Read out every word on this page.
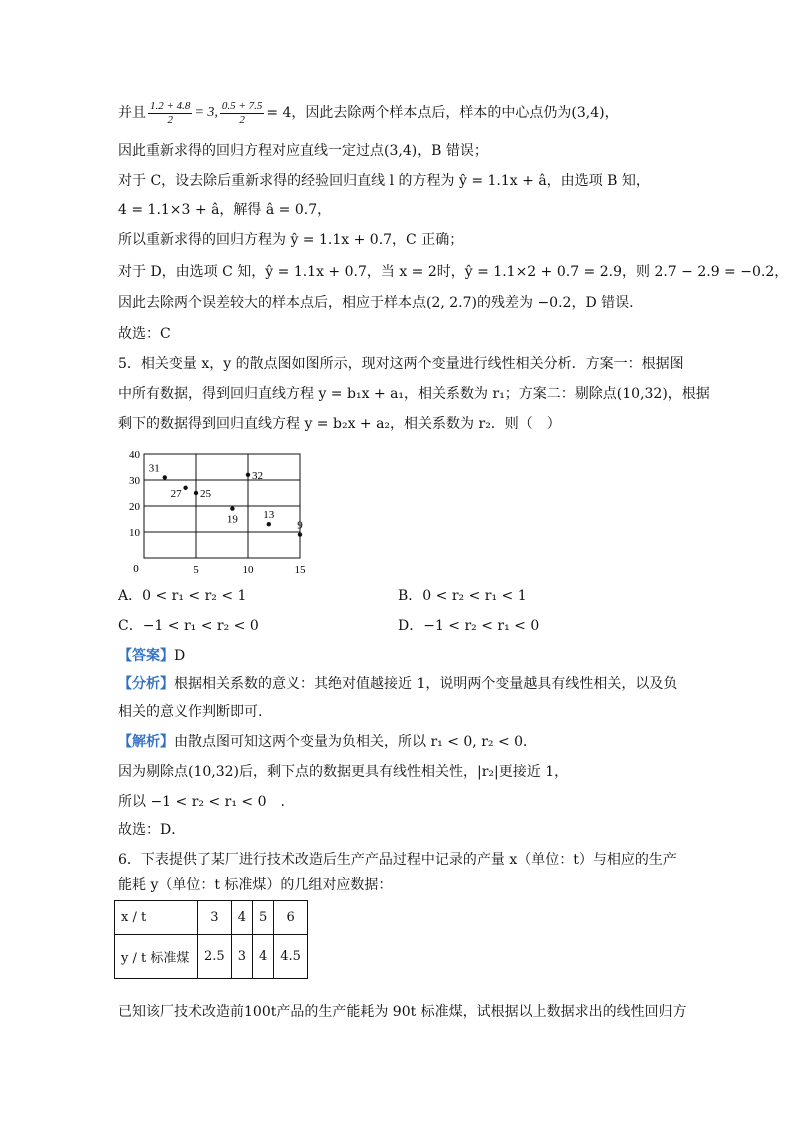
并且 $\frac{1.2 + 4.8}{2} = 3$, $\frac{0.5 + 7.5}{2} = 4$，因此去除两个样本点后，样本的中心点仍为(3,4)，
因此重新求得的回归方程对应直线一定过点(3,4)，B 错误；
对于 C，设去除后重新求得的经验回归直线 l 的方程为 ŷ = 1.1x + â，由选项 B 知，
4 = 1.1×3 + â，解得 â = 0.7，
所以重新求得的回归方程为 ŷ = 1.1x + 0.7，C 正确；
对于 D，由选项 C 知，ŷ = 1.1x + 0.7，当 x = 2时，ŷ = 1.1×2 + 0.7 = 2.9，则 2.7 − 2.9 = −0.2，
因此去除两个误差较大的样本点后，相应于样本点(2, 2.7)的残差为 −0.2，D 错误.
故选：C
5．相关变量 x，y 的散点图如图所示，现对这两个变量进行线性相关分析．方案一：根据图
中所有数据，得到回归直线方程 y = b₁x + a₁，相关系数为 r₁；方案二：剔除点(10,32)，根据
剩下的数据得到回归直线方程 y = b₂x + a₂，相关系数为 r₂．则（　）
10
20
30
40
0	5	10	15
31
27 25
32
19 13
9
A．0 < r₁ < r₂ < 1	B．0 < r₂ < r₁ < 1
C．−1 < r₁ < r₂ < 0	D．−1 < r₂ < r₁ < 0
【答案】D
【分析】根据相关系数的意义：其绝对值越接近 1，说明两个变量越具有线性相关，以及负
相关的意义作判断即可.
【解析】由散点图可知这两个变量为负相关，所以 r₁ < 0, r₂ < 0．
因为剔除点(10,32)后，剩下点的数据更具有线性相关性，|r₂|更接近 1，
所以 −1 < r₂ < r₁ < 0　.
故选：D．
6．下表提供了某厂进行技术改造后生产产品过程中记录的产量 x（单位：t）与相应的生产
能耗 y（单位：t 标准煤）的几组对应数据：
x / t	3	4	5	6
y / t 标准煤	2.5	3	4	4.5
已知该厂技术改造前100t产品的生产能耗为 90t 标准煤，试根据以上数据求出的线性回归方
